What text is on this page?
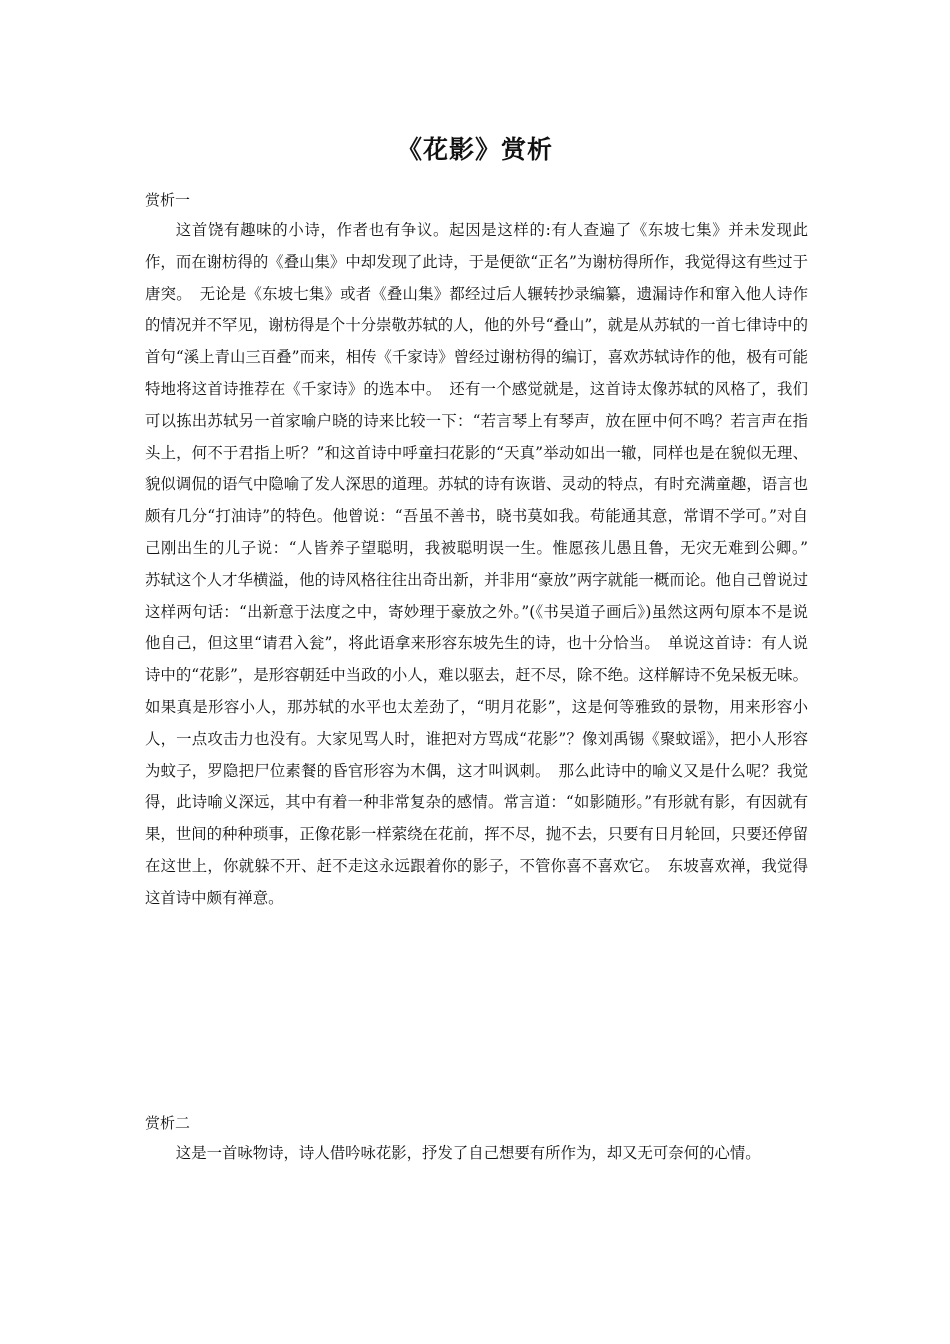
《花影》赏析
赏析一

这首饶有趣味的小诗，作者也有争议。起因是这样的:有人查遍了《东坡七集》并未发现此作，而在谢枋得的《叠山集》中却发现了此诗，于是便欲“正名”为谢枋得所作，我觉得这有些过于唐突。　无论是《东坡七集》或者《叠山集》都经过后人辗转抄录编纂，遗漏诗作和窜入他人诗作的情况并不罕见，谢枋得是个十分崇敬苏轼的人，他的外号“叠山”，就是从苏轼的一首七律诗中的首句“溪上青山三百叠”而来，相传《千家诗》曾经过谢枋得的编订，喜欢苏轼诗作的他，极有可能特地将这首诗推荐在《千家诗》的选本中。　还有一个感觉就是，这首诗太像苏轼的风格了，我们可以拣出苏轼另一首家喻户晓的诗来比较一下：“若言琴上有琴声，放在匣中何不鸣？若言声在指头上，何不于君指上听？”和这首诗中呼童扫花影的“天真”举动如出一辙，同样也是在貌似无理、貌似调侃的语气中隐喻了发人深思的道理。苏轼的诗有诙谐、灵动的特点，有时充满童趣，语言也颇有几分“打油诗”的特色。他曾说：“吾虽不善书，晓书莫如我。苟能通其意，常谓不学可。”对自己刚出生的儿子说：“人皆养子望聪明，我被聪明误一生。惟愿孩儿愚且鲁，无灾无难到公卿。”　苏轼这个人才华横溢，他的诗风格往往出奇出新，并非用“豪放”两字就能一概而论。他自己曾说过这样两句话：“出新意于法度之中，寄妙理于豪放之外。”(《书吴道子画后》)虽然这两句原本不是说他自己，但这里“请君入瓮”，将此语拿来形容东坡先生的诗，也十分恰当。　单说这首诗：有人说诗中的“花影”，是形容朝廷中当政的小人，难以驱去，赶不尽，除不绝。这样解诗不免呆板无味。如果真是形容小人，那苏轼的水平也太差劲了，“明月花影”，这是何等雅致的景物，用来形容小人，一点攻击力也没有。大家见骂人时，谁把对方骂成“花影”？像刘禹锡《聚蚊谣》，把小人形容为蚊子，罗隐把尸位素餐的昏官形容为木偶，这才叫讽刺。　那么此诗中的喻义又是什么呢？我觉得，此诗喻义深远，其中有着一种非常复杂的感情。常言道：“如影随形。”有形就有影，有因就有果，世间的种种琐事，正像花影一样萦绕在花前，挥不尽，抛不去，只要有日月轮回，只要还停留在这世上，你就躲不开、赶不走这永远跟着你的影子，不管你喜不喜欢它。　东坡喜欢禅，我觉得这首诗中颇有禅意。

赏析二

这是一首咏物诗，诗人借吟咏花影，抒发了自己想要有所作为，却又无可奈何的心情。
